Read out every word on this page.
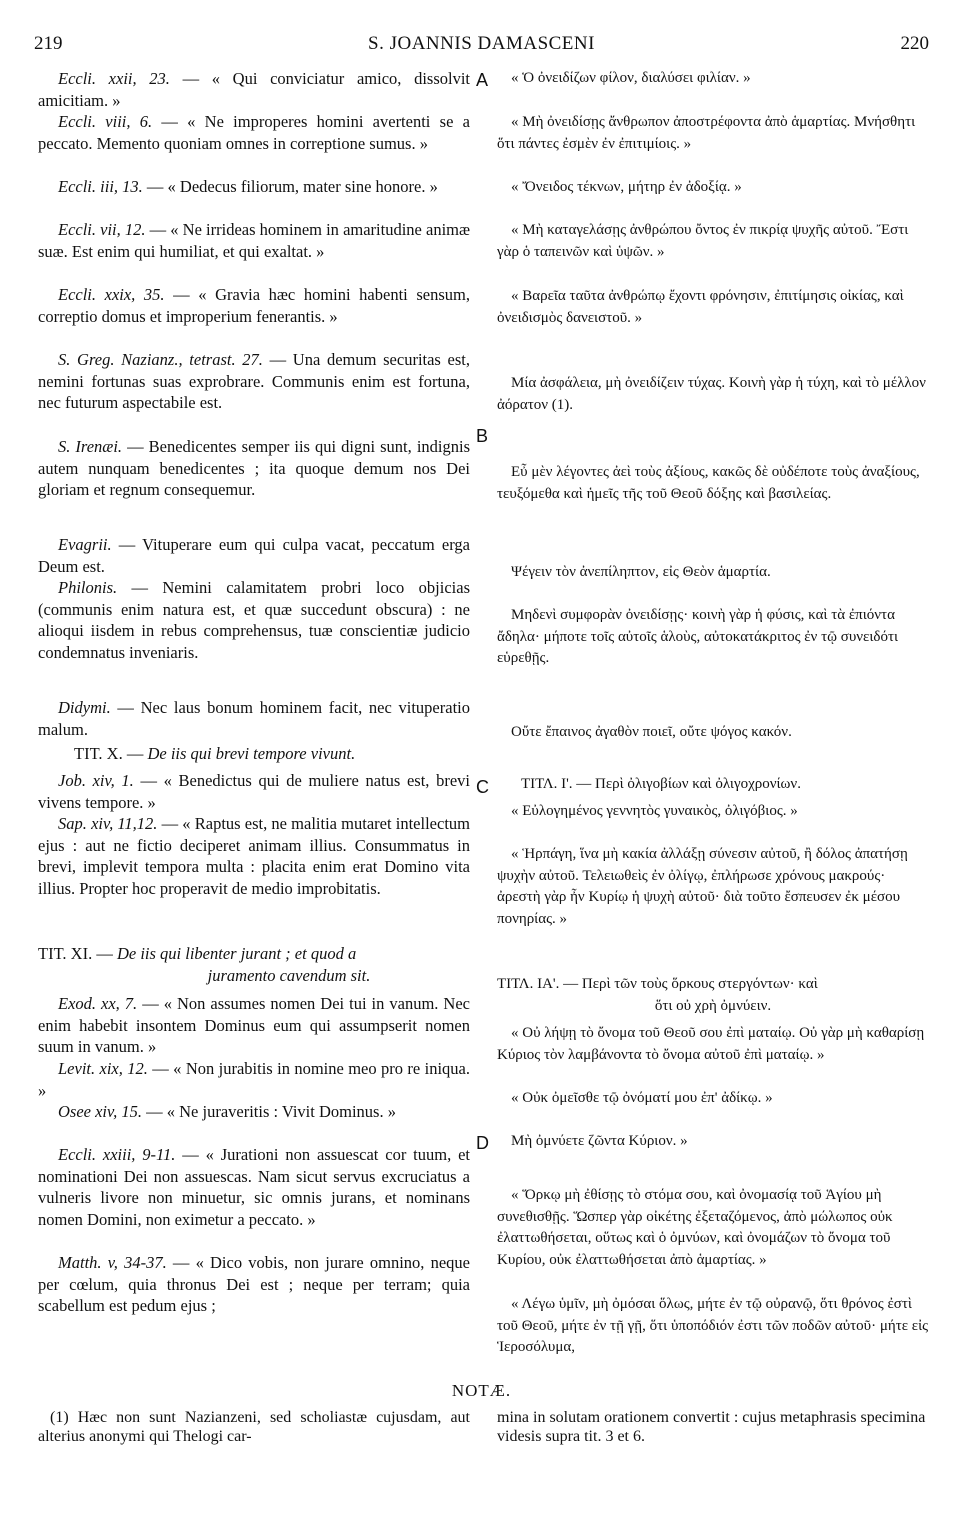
219	S. JOANNIS DAMASCENI	220
A
B
C
D

Eccli. xxii, 23. — « Qui conviciatur amico, dissolvit amicitiam. »

Eccli. viii, 6. — « Ne improperes homini avertenti se a peccato. Memento quoniam omnes in correptione sumus. »

Eccli. iii, 13. — « Dedecus filiorum, mater sine honore. »

Eccli. vii, 12. — « Ne irrideas hominem in amaritudine animæ suæ. Est enim qui humiliat, et qui exaltat. »

Eccli. xxix, 35. — « Gravia hæc homini habenti sensum, correptio domus et improperium fenerantis. »

S. Greg. Nazianz., tetrast. 27. — Una demum securitas est, nemini fortunas suas exprobrare. Communis enim est fortuna, nec futurum aspectabile est.

S. Irenæi. — Benedicentes semper iis qui digni sunt, indignis autem nunquam benedicentes ; ita quoque demum nos Dei gloriam et regnum consequemur.

Evagrii. — Vituperare eum qui culpa vacat, peccatum erga Deum est.

Philonis. — Nemini calamitatem probri loco objicias (communis enim natura est, et quæ succedunt obscura) : ne alioqui iisdem in rebus comprehensus, tuæ conscientiæ judicio condemnatus inveniaris.

Didymi. — Nec laus bonum hominem facit, nec vituperatio malum.

TIT. X. — De iis qui brevi tempore vivunt.

Job. xiv, 1. — « Benedictus qui de muliere natus est, brevi vivens tempore. »

Sap. xiv, 11,12. — « Raptus est, ne malitia mutaret intellectum ejus : aut ne fictio deciperet animam illius. Consummatus in brevi, implevit tempora multa : placita enim erat Domino vita illius. Propter hoc properavit de medio improbitatis.

TIT. XI. — De iis qui libenter jurant ; et quod a
juramento cavendum sit.

Exod. xx, 7. — « Non assumes nomen Dei tui in vanum. Nec enim habebit insontem Dominus eum qui assumpserit nomen suum in vanum. »

Levit. xix, 12. — « Non jurabitis in nomine meo pro re iniqua. »

Osee xiv, 15. — « Ne juraveritis : Vivit Dominus. »

Eccli. xxiii, 9-11. — « Jurationi non assuescat cor tuum, et nominationi Dei non assuescas. Nam sicut servus excruciatus a vulneris livore non minuetur, sic omnis jurans, et nominans nomen Domini, non eximetur a peccato. »

Matth. v, 34-37. — « Dico vobis, non jurare omnino, neque per cœlum, quia thronus Dei est ; neque per terram; quia scabellum est pedum ejus ;

« Ὁ ὀνειδίζων φίλον, διαλύσει φιλίαν. »

« Μὴ ὀνειδίσῃς ἄνθρωπον ἀποστρέφοντα ἀπὸ ἁμαρτίας. Μνήσθητι ὅτι πάντες ἐσμὲν ἐν ἐπιτιμίοις. »

« Ὄνειδος τέκνων, μήτηρ ἐν ἀδοξίᾳ. »

« Μὴ καταγελάσῃς ἀνθρώπου ὄντος ἐν πικρίᾳ ψυχῆς αὐτοῦ. Ἔστι γὰρ ὁ ταπεινῶν καὶ ὑψῶν. »

« Βαρεῖα ταῦτα ἀνθρώπῳ ἔχοντι φρόνησιν, ἐπιτίμησις οἰκίας, καὶ ὀνειδισμὸς δανειστοῦ. »

Μία ἀσφάλεια, μὴ ὀνειδίζειν τύχας. Κοινὴ γὰρ ἡ τύχη, καὶ τὸ μέλλον ἀόρατον (1).

Εὖ μὲν λέγοντες ἀεὶ τοὺς ἀξίους, κακῶς δὲ οὐδέποτε τοὺς ἀναξίους, τευξόμεθα καὶ ἡμεῖς τῆς τοῦ Θεοῦ δόξης καὶ βασιλείας.

Ψέγειν τὸν ἀνεπίληπτον, εἰς Θεὸν ἁμαρτία.

Μηδενὶ συμφορὰν ὀνειδίσῃς· κοινὴ γὰρ ἡ φύσις, καὶ τὰ ἐπιόντα ἄδηλα· μήποτε τοῖς αὐτοῖς ἁλοὺς, αὐτοκατάκριτος ἐν τῷ συνειδότι εὑρεθῇς.

Οὔτε ἔπαινος ἀγαθὸν ποιεῖ, οὔτε ψόγος κακόν.

ΤΙΤΛ. Ι'. — Περὶ ὀλιγοβίων καὶ ὀλιγοχρονίων.

« Εὐλογημένος γεννητὸς γυναικὸς, ὀλιγόβιος. »

« Ἡρπάγη, ἵνα μὴ κακία ἀλλάξῃ σύνεσιν αὐτοῦ, ἢ δόλος ἀπατήσῃ ψυχὴν αὐτοῦ. Τελειωθεὶς ἐν ὀλίγῳ, ἐπλήρωσε χρόνους μακρούς· ἀρεστὴ γὰρ ἦν Κυρίῳ ἡ ψυχὴ αὐτοῦ· διὰ τοῦτο ἔσπευσεν ἐκ μέσου πονηρίας. »

ΤΙΤΛ. ΙΑ'. — Περὶ τῶν τοὺς ὅρκους στεργόντων· καὶ
ὅτι οὐ χρὴ ὀμνύειν.

« Οὐ λήψῃ τὸ ὄνομα τοῦ Θεοῦ σου ἐπὶ ματαίῳ. Οὐ γὰρ μὴ καθαρίσῃ Κύριος τὸν λαμβάνοντα τὸ ὄνομα αὐτοῦ ἐπὶ ματαίῳ. »

« Οὐκ ὀμεῖσθε τῷ ὀνόματί μου ἐπ' ἀδίκῳ. »

Μὴ ὀμνύετε ζῶντα Κύριον. »

« Ὅρκῳ μὴ ἐθίσῃς τὸ στόμα σου, καὶ ὀνομασίᾳ τοῦ Ἁγίου μὴ συνεθισθῇς. Ὥσπερ γὰρ οἰκέτης ἐξεταζόμενος, ἀπὸ μώλωπος οὐκ ἐλαττωθήσεται, οὕτως καὶ ὁ ὀμνύων, καὶ ὀνομάζων τὸ ὄνομα τοῦ Κυρίου, οὐκ ἐλαττωθήσεται ἀπὸ ἁμαρτίας. »

« Λέγω ὑμῖν, μὴ ὀμόσαι ὅλως, μήτε ἐν τῷ οὐρανῷ, ὅτι θρόνος ἐστὶ τοῦ Θεοῦ, μήτε ἐν τῇ γῇ, ὅτι ὑποπόδιόν ἐστι τῶν ποδῶν αὐτοῦ· μήτε εἰς Ἱεροσόλυμα,

NOTÆ.
(1) Hæc non sunt Nazianzeni, sed scholiastæ cujusdam, aut alterius anonymi qui Thelogi car-
mina in solutam orationem convertit : cujus metaphrasis specimina videsis supra tit. 3 et 6.
